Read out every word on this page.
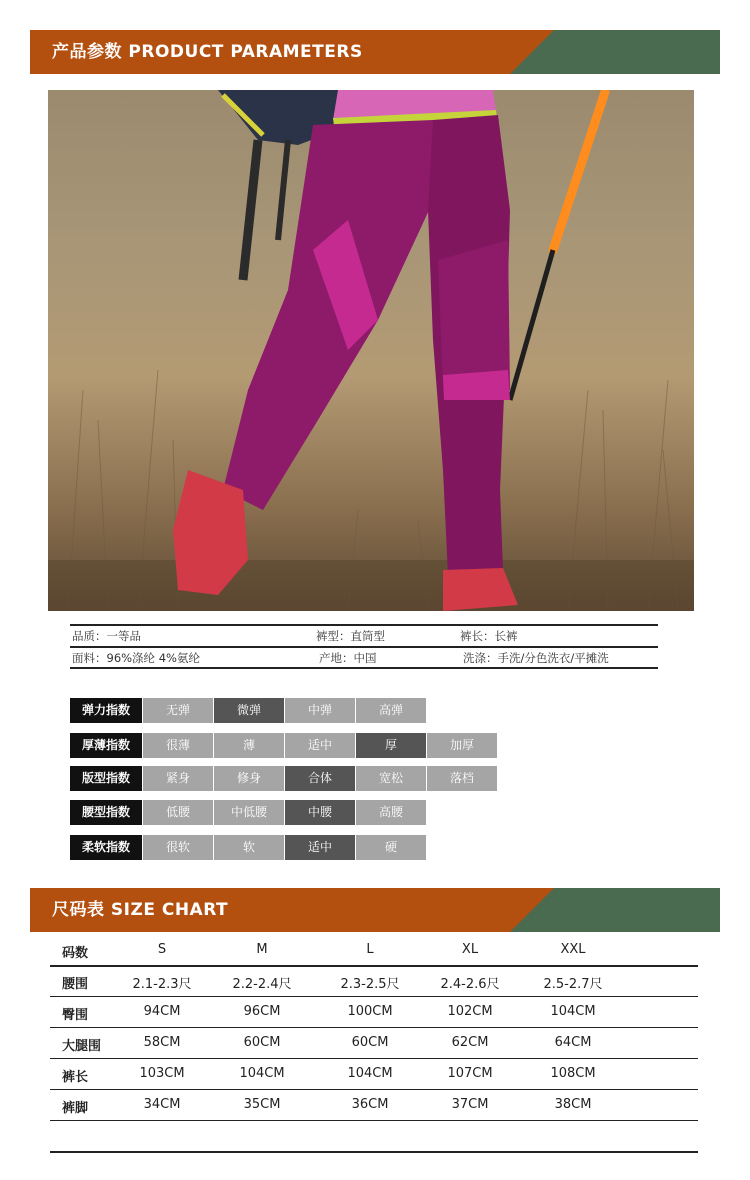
产品参数 PRODUCT PARAMETERS
品质：一等品	裤型：直筒型	裤长：长裤
面料：96%涤纶 4%氨纶	产地：中国	洗涤：手洗/分色洗衣/平摊洗
弹力指数	无弹	微弹	中弹	高弹
厚薄指数	很薄	薄	适中	厚	加厚
版型指数	紧身	修身	合体	宽松	落档
腰型指数	低腰	中低腰	中腰	高腰
柔软指数	很软	软	适中	硬
尺码表 SIZE CHART
码数	S	M	L	XL	XXL
腰围	2.1-2.3尺	2.2-2.4尺	2.3-2.5尺	2.4-2.6尺	2.5-2.7尺
臀围	94CM	96CM	100CM	102CM	104CM
大腿围	58CM	60CM	60CM	62CM	64CM
裤长	103CM	104CM	104CM	107CM	108CM
裤脚	34CM	35CM	36CM	37CM	38CM
